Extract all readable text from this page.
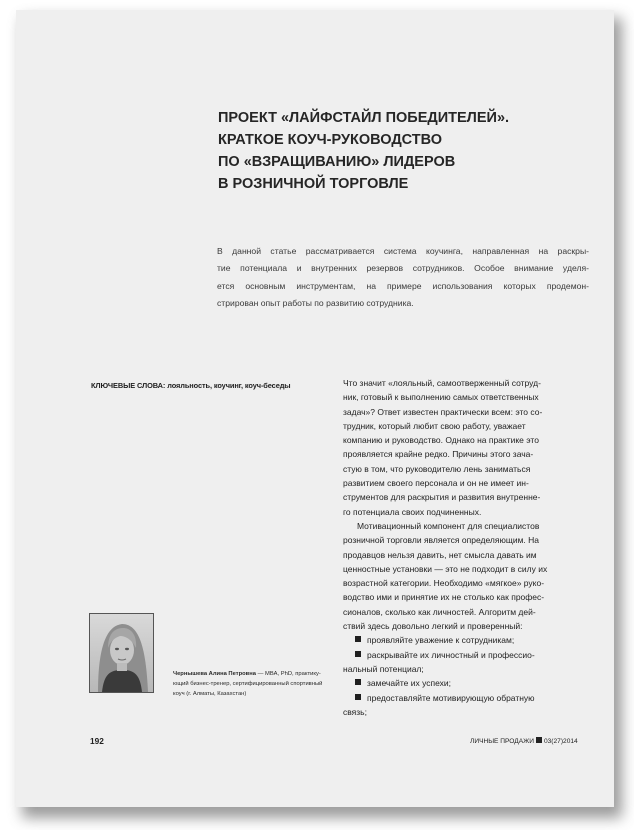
ПРОЕКТ «ЛАЙФСТАЙЛ ПОБЕДИТЕЛЕЙ».
КРАТКОЕ КОУЧ-РУКОВОДСТВО
ПО «ВЗРАЩИВАНИЮ» ЛИДЕРОВ
В РОЗНИЧНОЙ ТОРГОВЛЕ
В данной статье рассматривается система коучинга, направленная на раскры-
тие потенциала и внутренних резервов сотрудников. Особое внимание уделя-
ется основным инструментам, на примере использования которых продемон-
стрирован опыт работы по развитию сотрудника.
КЛЮЧЕВЫЕ СЛОВА: лояльность, коучинг, коуч-беседы	Что значит «лояльный, самоотверженный сотруд-
ник, готовый к выполнению самых ответственных
задач»? Ответ известен практически всем: это со-
трудник, который любит свою работу, уважает
компанию и руководство. Однако на практике это
проявляется крайне редко. Причины этого зача-
стую в том, что руководителю лень заниматься
развитием своего персонала и он не имеет ин-
струментов для раскрытия и развития внутренне-
го потенциала своих подчиненных.
Мотивационный компонент для специалистов
розничной торговли является определяющим. На
продавцов нельзя давить, нет смысла давать им
ценностные установки — это не подходит в силу их
возрастной категории. Необходимо «мягкое» руко-
водство ими и принятие их не столько как профес-
сионалов, сколько как личностей. Алгоритм дей-
ствий здесь довольно легкий и проверенный:
проявляйте уважение к сотрудникам;
раскрывайте их личностный и профессио-
нальный потенциал;
замечайте их успехи;
предоставляйте мотивирующую обратную
связь;
Чернышева Алина Петровна — MBA, PhD, практику-
ющий бизнес-тренер, сертифицированный спортивный
коуч (г. Алматы, Казахстан)
192	ЛИЧНЫЕ ПРОДАЖИ 03(27)2014
